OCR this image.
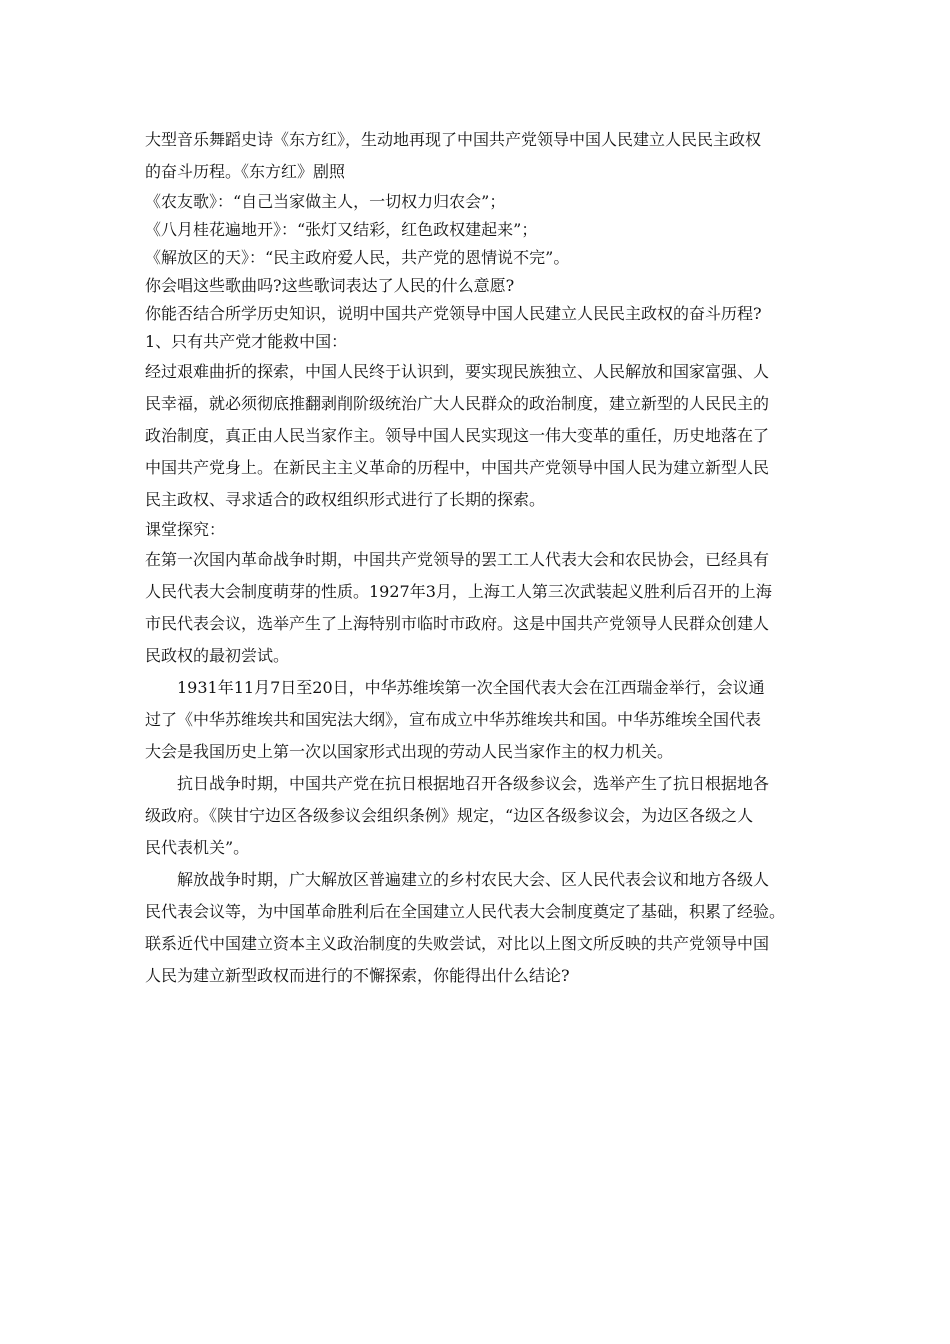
大型音乐舞蹈史诗《东方红》，生动地再现了中国共产党领导中国人民建立人民民主政权
的奋斗历程。《东方红》剧照
《农友歌》：“自己当家做主人，一切权力归农会”；
《八月桂花遍地开》：“张灯又结彩，红色政权建起来”；
《解放区的天》：“民主政府爱人民，共产党的恩情说不完”。
你会唱这些歌曲吗?这些歌词表达了人民的什么意愿?
你能否结合所学历史知识，说明中国共产党领导中国人民建立人民民主政权的奋斗历程?
1、只有共产党才能救中国：
经过艰难曲折的探索，中国人民终于认识到，要实现民族独立、人民解放和国家富强、人
民幸福，就必须彻底推翻剥削阶级统治广大人民群众的政治制度，建立新型的人民民主的
政治制度，真正由人民当家作主。领导中国人民实现这一伟大变革的重任，历史地落在了
中国共产党身上。在新民主主义革命的历程中，中国共产党领导中国人民为建立新型人民
民主政权、寻求适合的政权组织形式进行了长期的探索。
课堂探究：
在第一次国内革命战争时期，中国共产党领导的罢工工人代表大会和农民协会，已经具有
人民代表大会制度萌芽的性质。1927年3月，上海工人第三次武装起义胜利后召开的上海
市民代表会议，选举产生了上海特别市临时市政府。这是中国共产党领导人民群众创建人
民政权的最初尝试。
1931年11月7日至20日，中华苏维埃第一次全国代表大会在江西瑞金举行，会议通
过了《中华苏维埃共和国宪法大纲》，宣布成立中华苏维埃共和国。中华苏维埃全国代表
大会是我国历史上第一次以国家形式出现的劳动人民当家作主的权力机关。
抗日战争时期，中国共产党在抗日根据地召开各级参议会，选举产生了抗日根据地各
级政府。《陕甘宁边区各级参议会组织条例》规定，“边区各级参议会，为边区各级之人
民代表机关”。
解放战争时期，广大解放区普遍建立的乡村农民大会、区人民代表会议和地方各级人
民代表会议等，为中国革命胜利后在全国建立人民代表大会制度奠定了基础，积累了经验。
联系近代中国建立资本主义政治制度的失败尝试，对比以上图文所反映的共产党领导中国
人民为建立新型政权而进行的不懈探索，你能得出什么结论?
